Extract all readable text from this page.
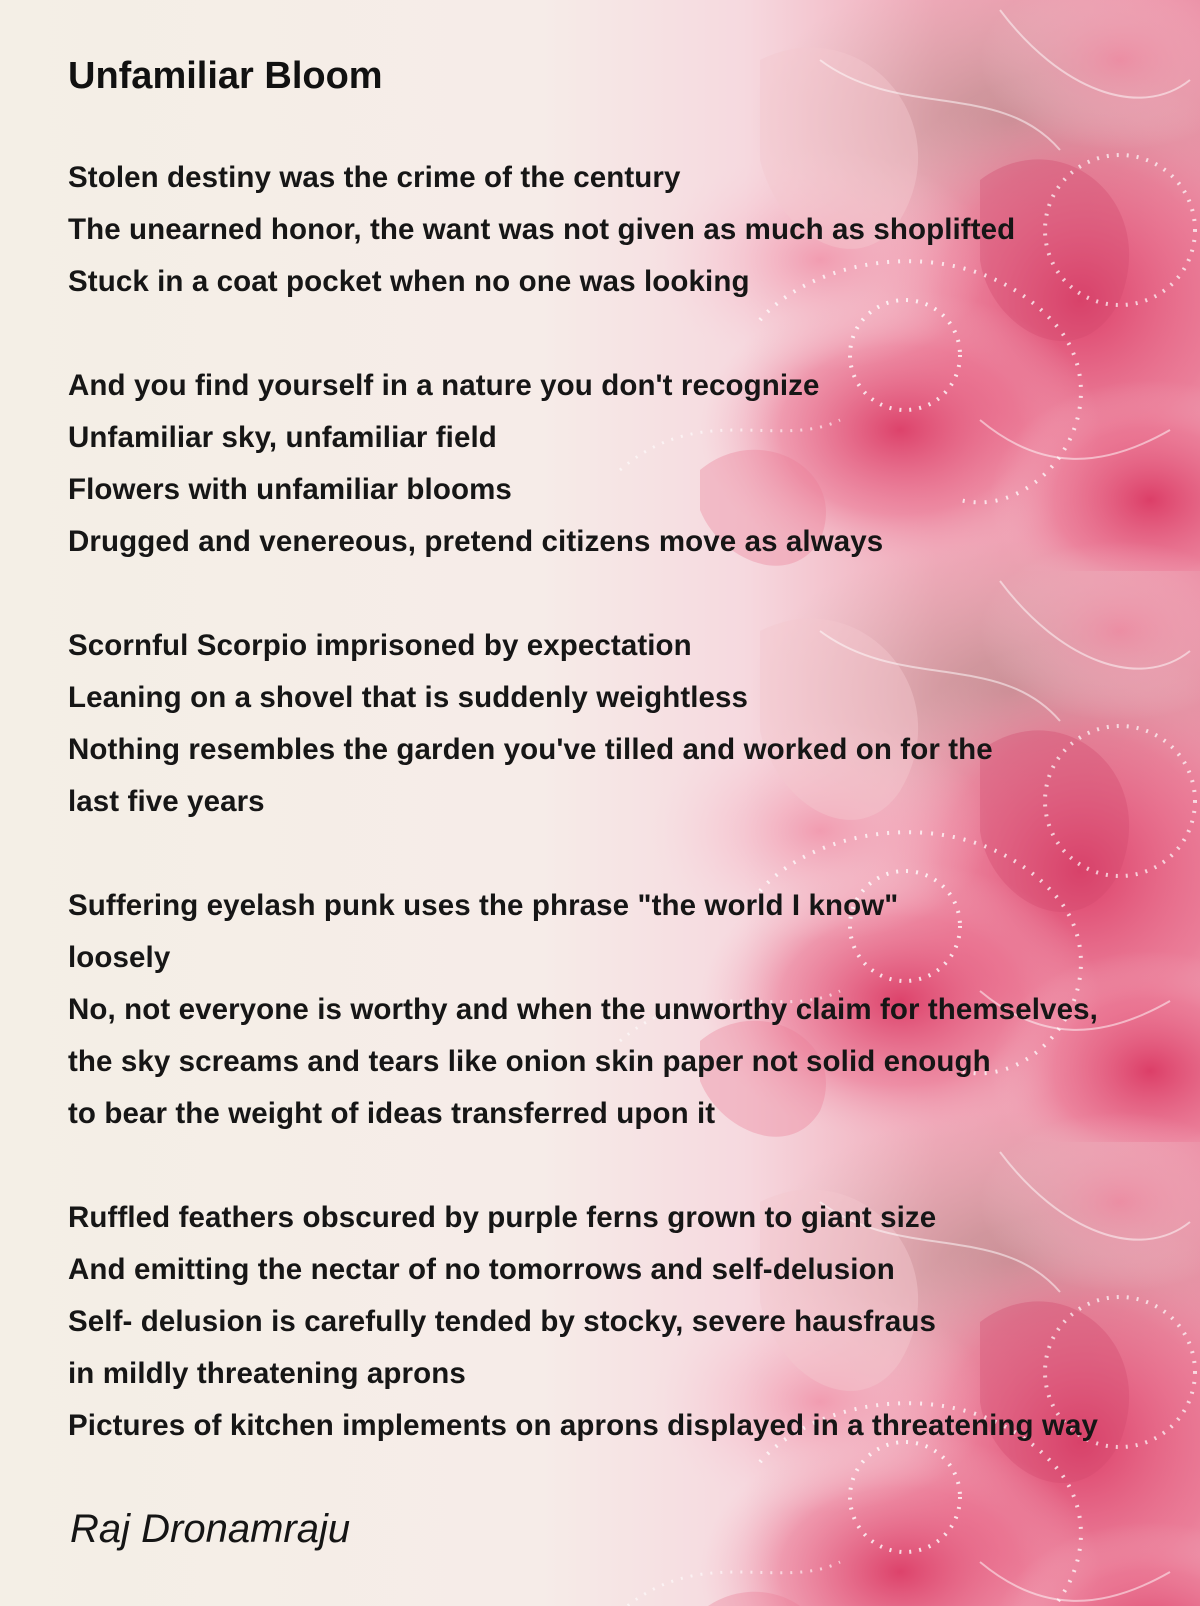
Unfamiliar Bloom
Stolen destiny was the crime of the century
The unearned honor, the want was not given as much as shoplifted
Stuck in a coat pocket when no one was looking
And you find yourself in a nature you don't recognize
Unfamiliar sky, unfamiliar field
Flowers with unfamiliar blooms
Drugged and venereous, pretend citizens move as always
Scornful Scorpio imprisoned by expectation
Leaning on a shovel that is suddenly weightless
Nothing resembles the garden you've tilled and worked on for the
last five years
Suffering eyelash punk uses the phrase "the world I know"
loosely
No, not everyone is worthy and when the unworthy claim for themselves,
the sky screams and tears like onion skin paper not solid enough
to bear the weight of ideas transferred upon it
Ruffled feathers obscured by purple ferns grown to giant size
And emitting the nectar of no tomorrows and self-delusion
Self- delusion is carefully tended by stocky, severe hausfraus
in mildly threatening aprons
Pictures of kitchen implements on aprons displayed in a threatening way

Raj Dronamraju
